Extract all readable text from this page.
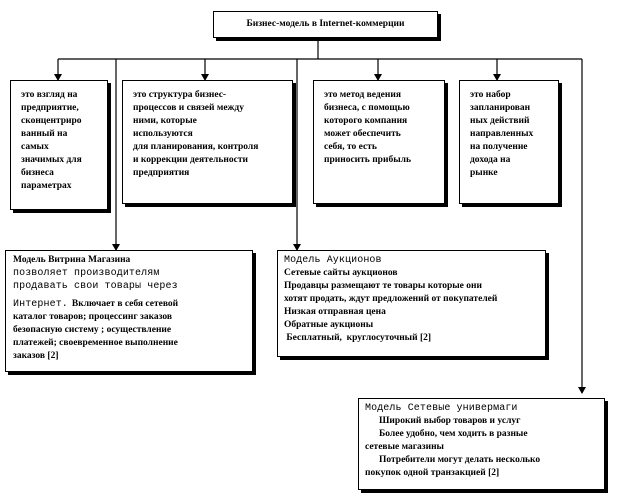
Бизнес-модель в Internet-коммерции

это взгляд на

предприятие,

сконцентриро

ванный на

самых

значимых для

бизнеса

параметрах

это структура бизнес-

процессов и связей между

ними, которые

используются

для планирования, контроля

и коррекции деятельности

предприятия

это метод ведения

бизнеса, с помощью

которого компания

может обеспечить

себя, то есть

приносить прибыль

это набор

запланирован

ных действий

направленных

на получение

дохода на

рынке

Модель Витрина Магазина

позволяет производителям

продавать свои товары через

Интернет. Включает в себя сетевой

каталог товаров; процессинг заказов

безопасную систему ; осуществление

платежей; своевременное выполнение

заказов [2]

Модель Аукционов

Сетевые сайты аукционов

Продавцы размещают те товары которые они

хотят продать, ждут предложений от покупателей

Низкая отправная цена

Обратные аукционы

Бесплатный,  круглосуточный [2]

Модель Сетевые универмаги

Широкий выбор товаров и услуг

Более удобно, чем ходить в разные

сетевые магазины

Потребители могут делать несколько

покупок одной транзакцией [2]
